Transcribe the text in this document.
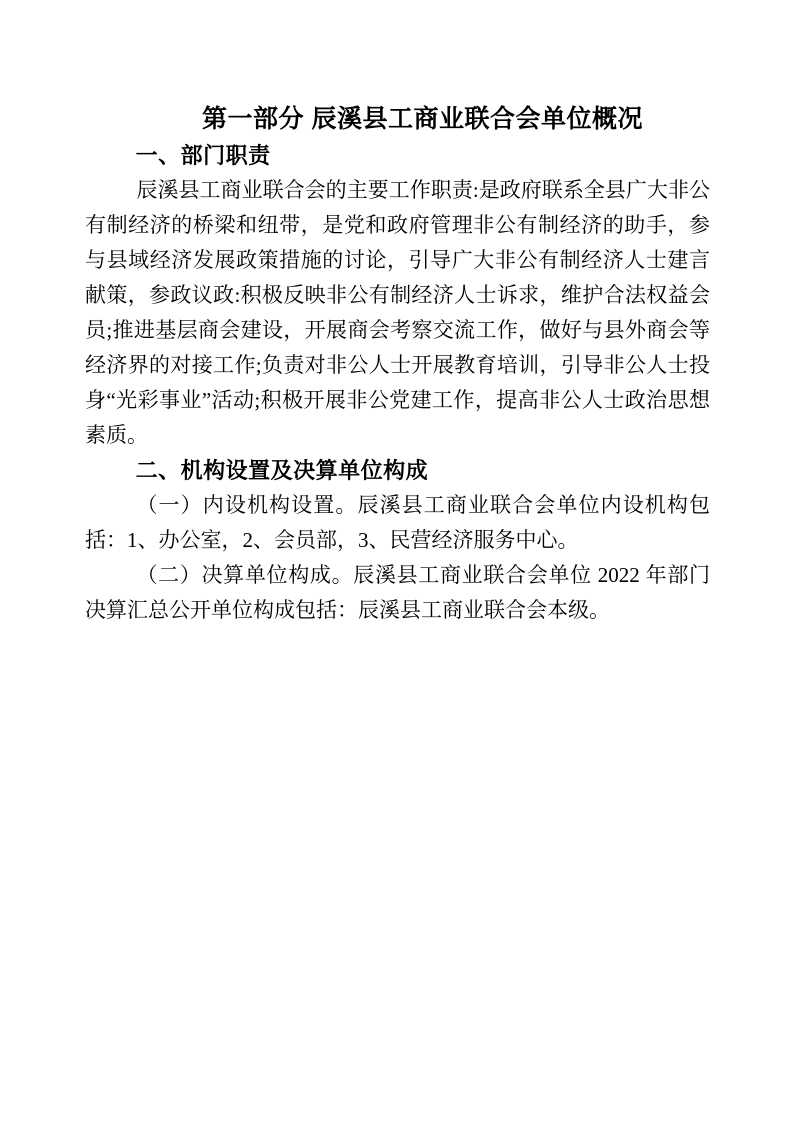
第一部分 辰溪县工商业联合会单位概况
一、部门职责

辰溪县工商业联合会的主要工作职责:是政府联系全县广大非公有制经济的桥梁和纽带，是党和政府管理非公有制经济的助手，参与县域经济发展政策措施的讨论，引导广大非公有制经济人士建言献策，参政议政:积极反映非公有制经济人士诉求，维护合法权益会员;推进基层商会建设，开展商会考察交流工作，做好与县外商会等经济界的对接工作;负责对非公人士开展教育培训，引导非公人士投身“光彩事业”活动;积极开展非公党建工作，提高非公人士政治思想素质。

二、机构设置及决算单位构成

（一）内设机构设置。辰溪县工商业联合会单位内设机构包括：1、办公室，2、会员部，3、民营经济服务中心。

（二）决算单位构成。辰溪县工商业联合会单位 2022 年部门决算汇总公开单位构成包括：辰溪县工商业联合会本级。
